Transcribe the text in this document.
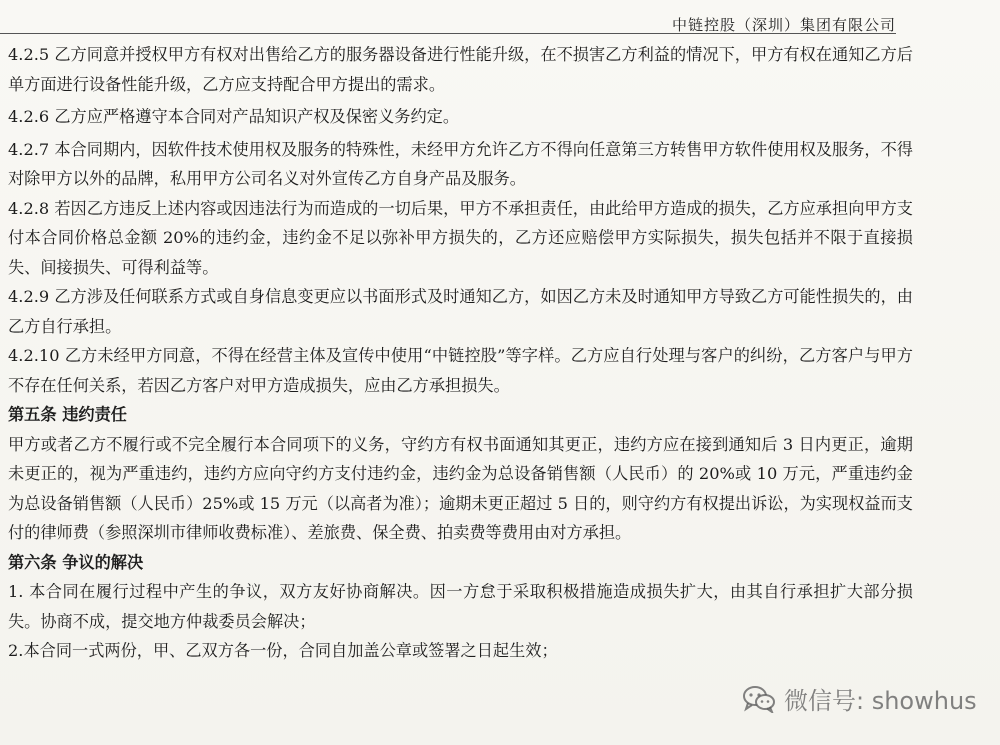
中链控股（深圳）集团有限公司

4.2.5 乙方同意并授权甲方有权对出售给乙方的服务器设备进行性能升级，在不损害乙方利益的情况下，甲方有权在通知乙方后单方面进行设备性能升级，乙方应支持配合甲方提出的需求。

4.2.6 乙方应严格遵守本合同对产品知识产权及保密义务约定。

4.2.7 本合同期内，因软件技术使用权及服务的特殊性，未经甲方允许乙方不得向任意第三方转售甲方软件使用权及服务，不得对除甲方以外的品牌，私用甲方公司名义对外宣传乙方自身产品及服务。

4.2.8 若因乙方违反上述内容或因违法行为而造成的一切后果，甲方不承担责任，由此给甲方造成的损失，乙方应承担向甲方支付本合同价格总金额 20%的违约金，违约金不足以弥补甲方损失的，乙方还应赔偿甲方实际损失，损失包括并不限于直接损失、间接损失、可得利益等。

4.2.9 乙方涉及任何联系方式或自身信息变更应以书面形式及时通知乙方，如因乙方未及时通知甲方导致乙方可能性损失的，由乙方自行承担。

4.2.10 乙方未经甲方同意，不得在经营主体及宣传中使用“中链控股”等字样。乙方应自行处理与客户的纠纷，乙方客户与甲方不存在任何关系，若因乙方客户对甲方造成损失，应由乙方承担损失。

第五条 违约责任

甲方或者乙方不履行或不完全履行本合同项下的义务，守约方有权书面通知其更正，违约方应在接到通知后 3 日内更正，逾期未更正的，视为严重违约，违约方应向守约方支付违约金，违约金为总设备销售额（人民币）的 20%或 10 万元，严重违约金为总设备销售额（人民币）25%或 15 万元（以高者为准）；逾期未更正超过 5 日的，则守约方有权提出诉讼，为实现权益而支付的律师费（参照深圳市律师收费标准）、差旅费、保全费、拍卖费等费用由对方承担。

第六条 争议的解决

1. 本合同在履行过程中产生的争议，双方友好协商解决。因一方怠于采取积极措施造成损失扩大，由其自行承担扩大部分损失。协商不成，提交地方仲裁委员会解决；

2.本合同一式两份，甲、乙双方各一份，合同自加盖公章或签署之日起生效；

微信号: showhus
